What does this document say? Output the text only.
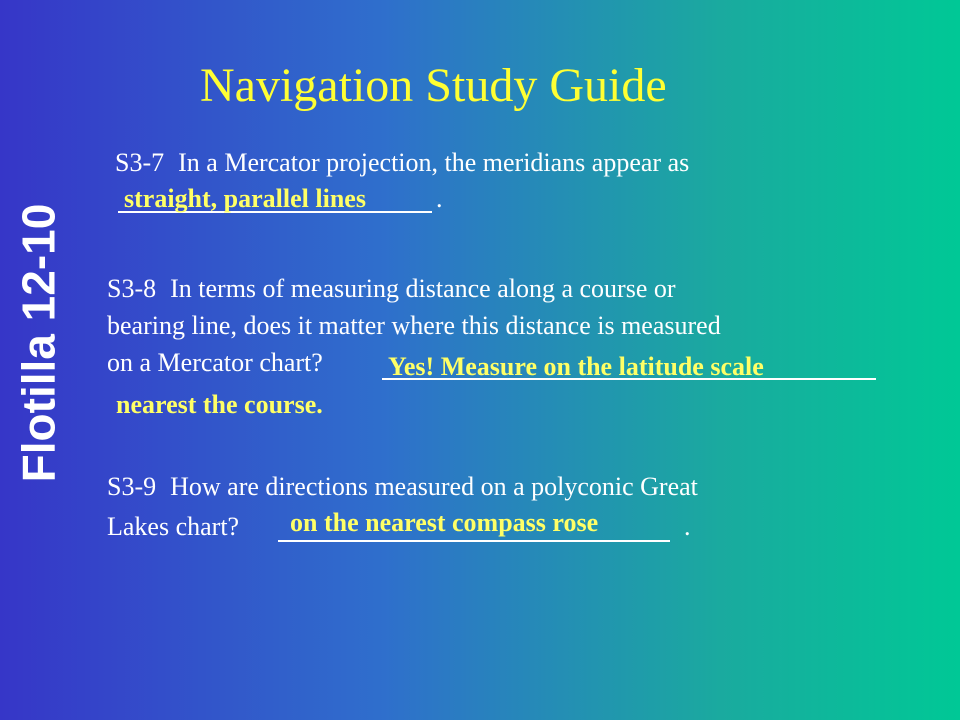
Flotilla 12-10
Navigation Study Guide
S3-7 In a Mercator projection, the meridians appear as
straight, parallel lines	.
S3-8 In terms of measuring distance along a course or
bearing line, does it matter where this distance is measured
on a Mercator chart?	Yes! Measure on the latitude scale
nearest the course.
S3-9 How are directions measured on a polyconic Great
Lakes chart? on the nearest compass rose	.
